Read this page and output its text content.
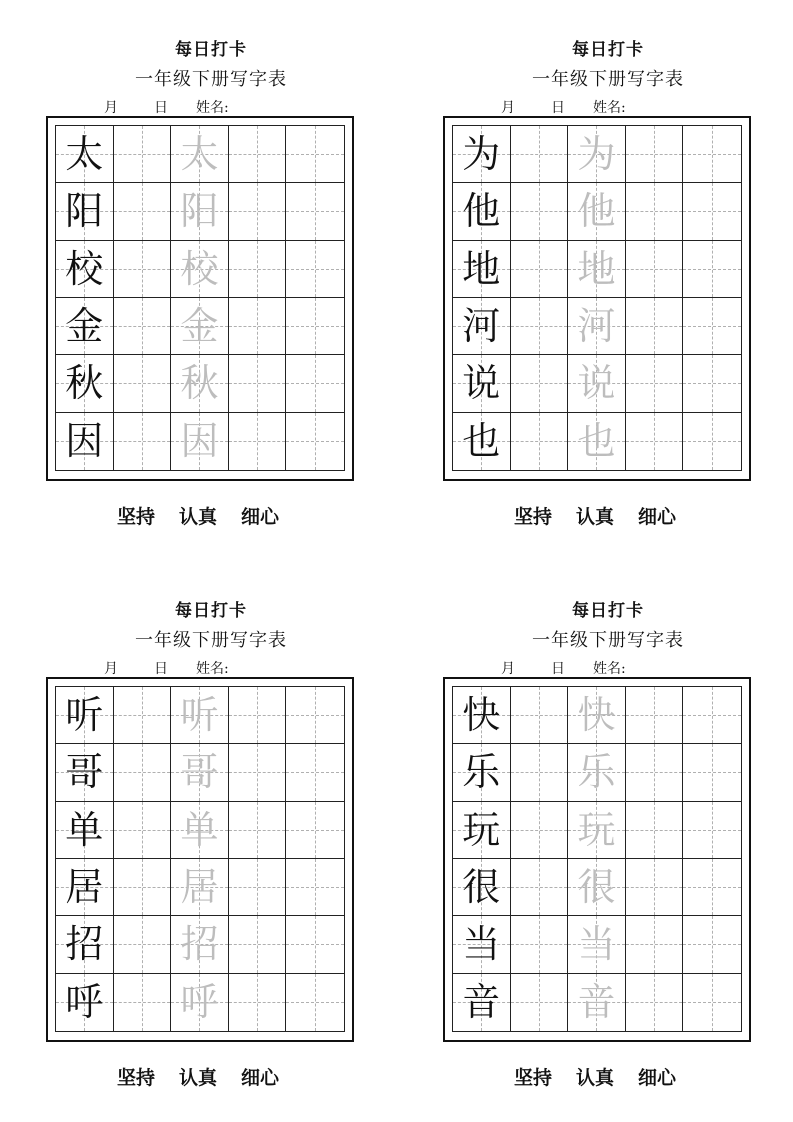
每日打卡
一年级下册写字表
月	日 姓名:
太 太
阳 阳
校 校
金 金
秋 秋
因 因
坚持 认真 细心
每日打卡
一年级下册写字表
月	日 姓名:
为 为
他 他
地 地
河 河
说 说
也 也
坚持 认真 细心
每日打卡
一年级下册写字表
月	日 姓名:
听 听
哥 哥
单 单
居 居
招 招
呼 呼
坚持 认真 细心
每日打卡
一年级下册写字表
月	日 姓名:
快 快
乐 乐
玩 玩
很 很
当 当
音 音
坚持 认真 细心
